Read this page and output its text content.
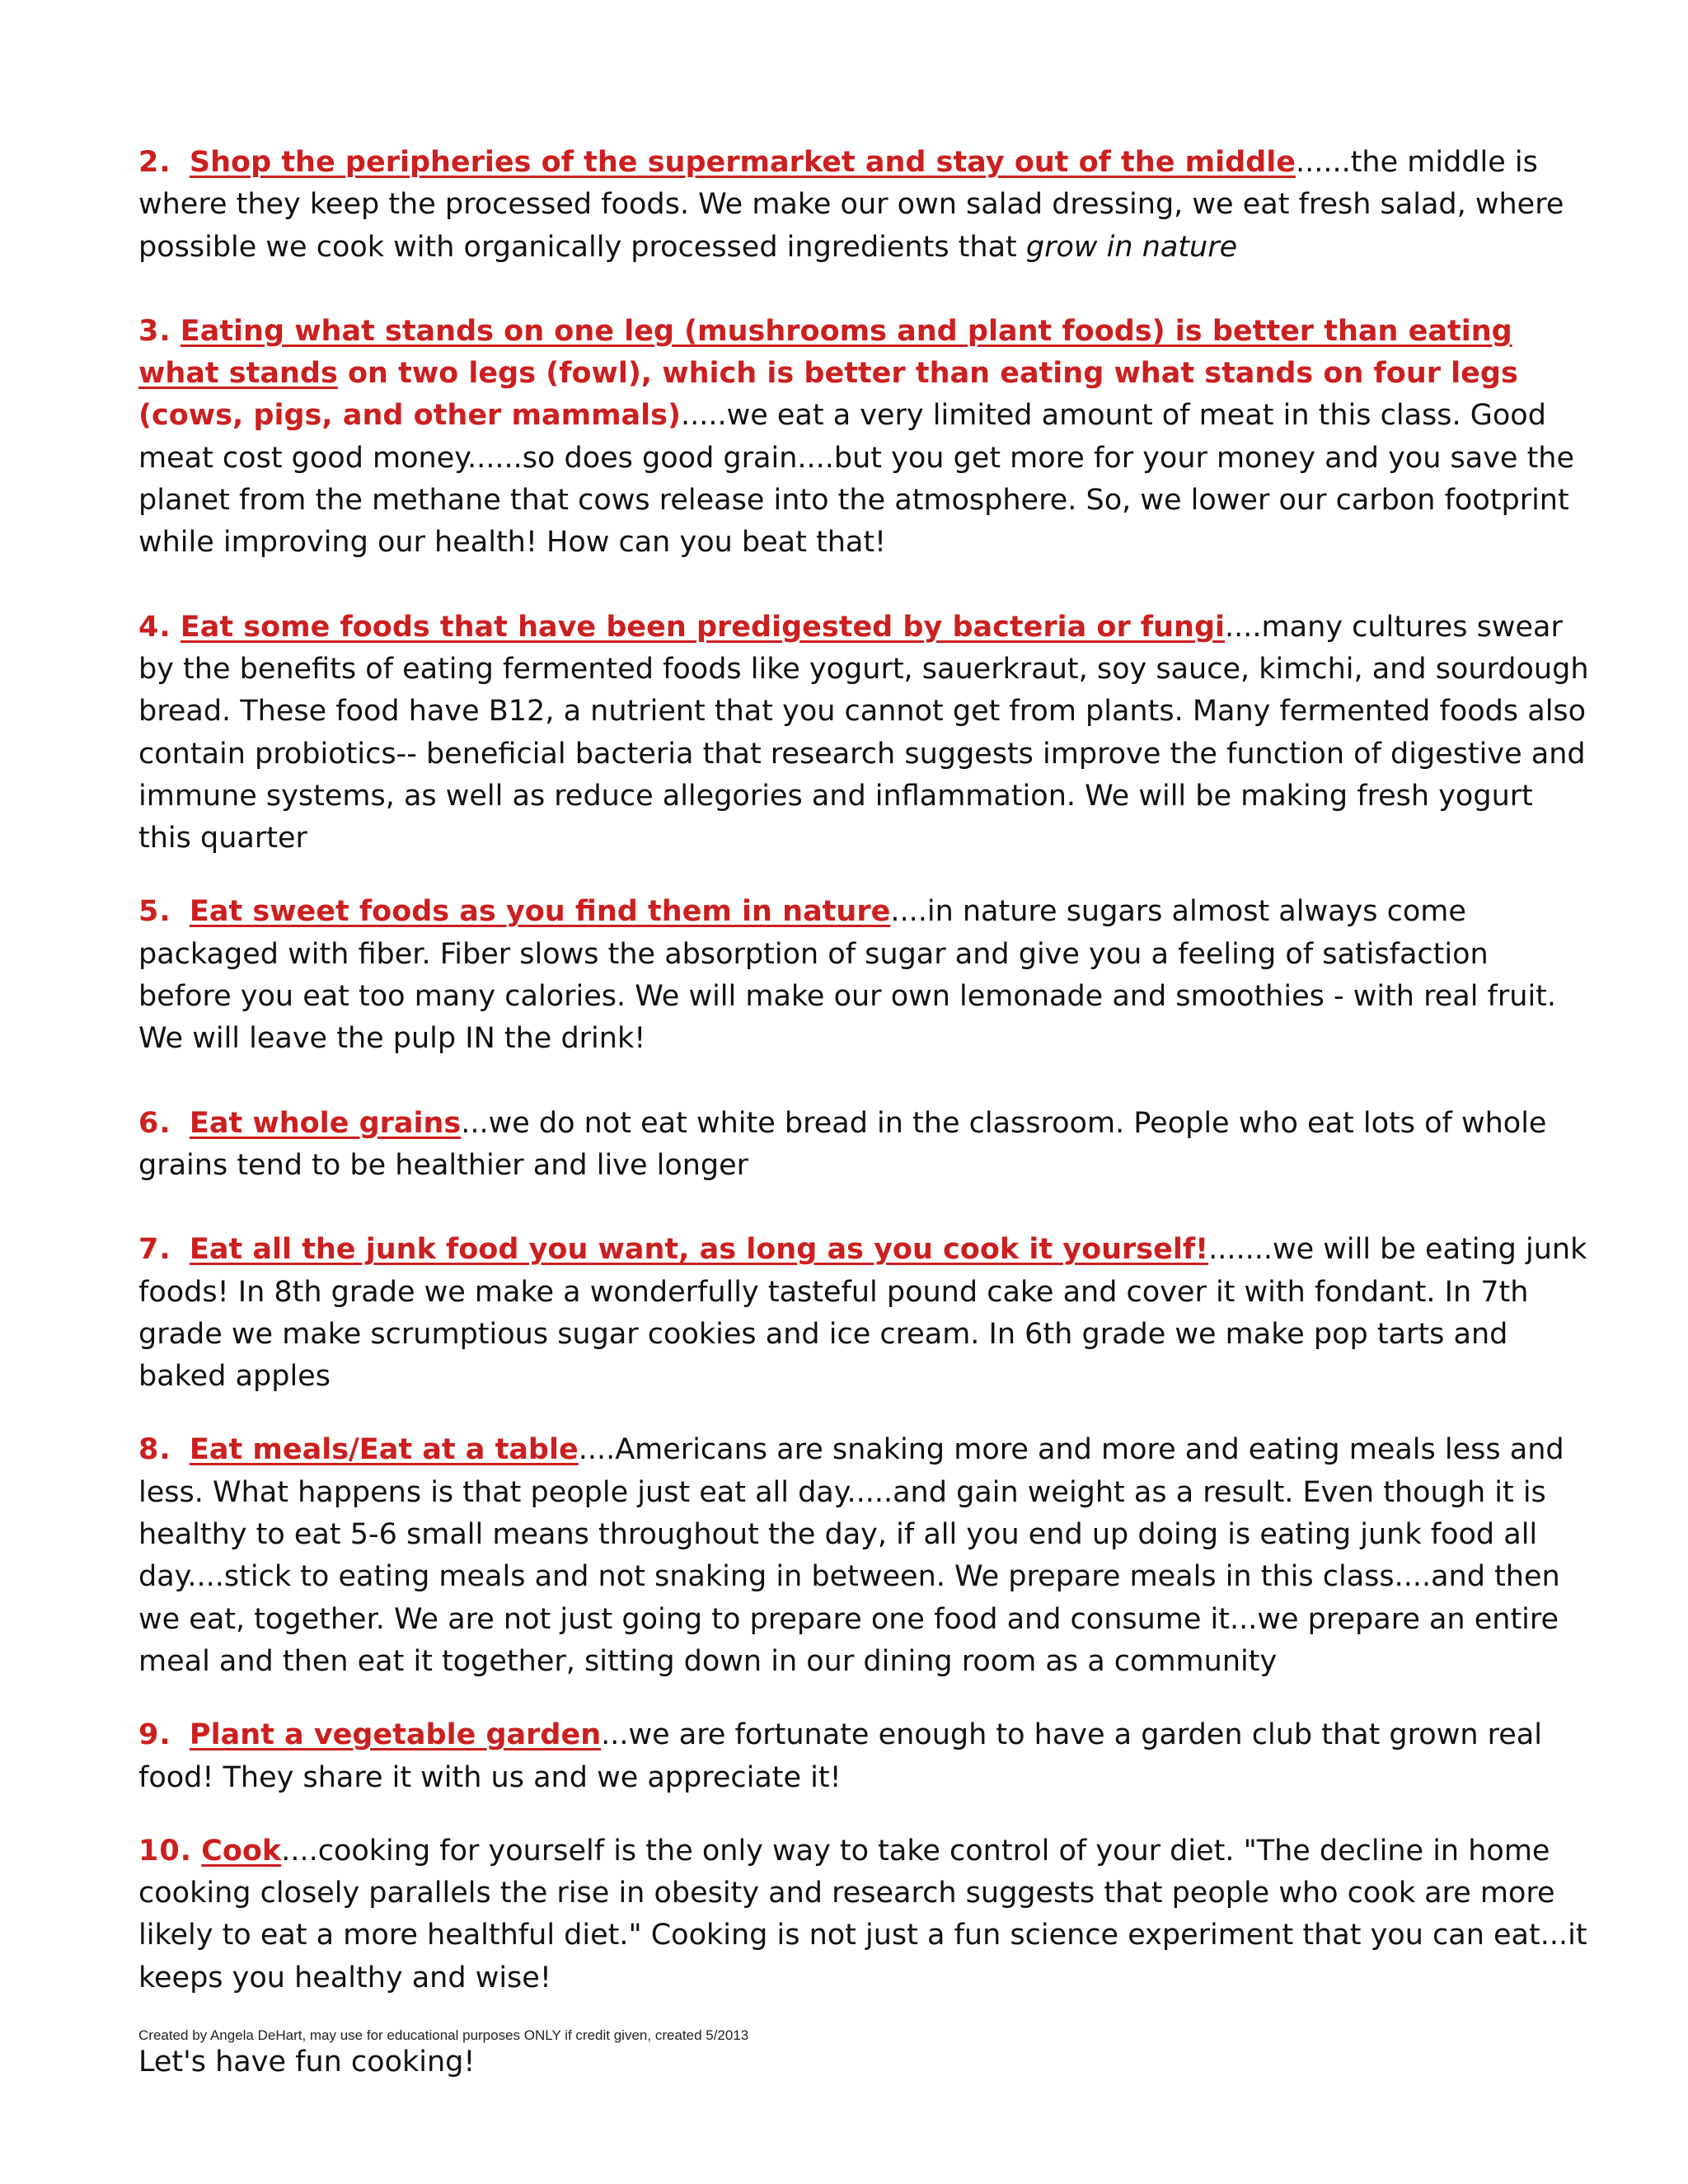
2. Shop the peripheries of the supermarket and stay out of the middle......the middle is where they keep the processed foods. We make our own salad dressing, we eat fresh salad, where possible we cook with organically processed ingredients that grow in nature

3. Eating what stands on one leg (mushrooms and plant foods) is better than eating what stands on two legs (fowl), which is better than eating what stands on four legs (cows, pigs, and other mammals).....we eat a very limited amount of meat in this class. Good meat cost good money......so does good grain....but you get more for your money and you save the planet from the methane that cows release into the atmosphere. So, we lower our carbon footprint while improving our health! How can you beat that!

4. Eat some foods that have been predigested by bacteria or fungi....many cultures swear by the benefits of eating fermented foods like yogurt, sauerkraut, soy sauce, kimchi, and sourdough bread. These food have B12, a nutrient that you cannot get from plants. Many fermented foods also contain probiotics-- beneficial bacteria that research suggests improve the function of digestive and immune systems, as well as reduce allegories and inflammation. We will be making fresh yogurt this quarter

5. Eat sweet foods as you find them in nature....in nature sugars almost always come packaged with fiber. Fiber slows the absorption of sugar and give you a feeling of satisfaction before you eat too many calories. We will make our own lemonade and smoothies - with real fruit. We will leave the pulp IN the drink!

6. Eat whole grains...we do not eat white bread in the classroom. People who eat lots of whole grains tend to be healthier and live longer

7. Eat all the junk food you want, as long as you cook it yourself!.......we will be eating junk foods! In 8th grade we make a wonderfully tasteful pound cake and cover it with fondant. In 7th grade we make scrumptious sugar cookies and ice cream. In 6th grade we make pop tarts and baked apples

8. Eat meals/Eat at a table....Americans are snaking more and more and eating meals less and less. What happens is that people just eat all day.....and gain weight as a result. Even though it is healthy to eat 5-6 small means throughout the day, if all you end up doing is eating junk food all day....stick to eating meals and not snaking in between. We prepare meals in this class....and then we eat, together. We are not just going to prepare one food and consume it...we prepare an entire meal and then eat it together, sitting down in our dining room as a community

9. Plant a vegetable garden...we are fortunate enough to have a garden club that grown real food! They share it with us and we appreciate it!

10. Cook....cooking for yourself is the only way to take control of your diet. "The decline in home cooking closely parallels the rise in obesity and research suggests that people who cook are more likely to eat a more healthful diet." Cooking is not just a fun science experiment that you can eat...it keeps you healthy and wise!

Let's have fun cooking!

Created by Angela DeHart, may use for educational purposes ONLY if credit given, created 5/2013
